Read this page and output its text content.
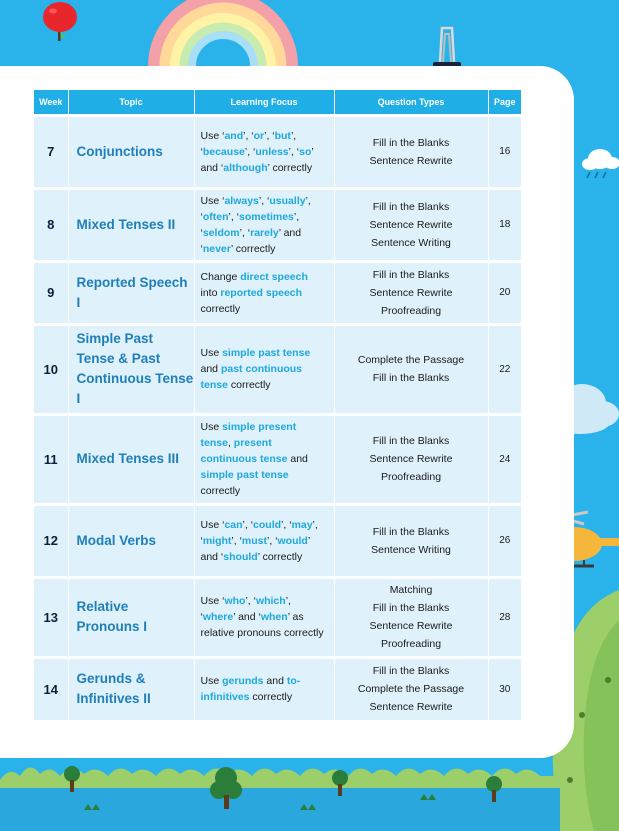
Week	Topic	Learning Focus	Question Types	Page
7	Conjunctions	Use ‘and’, ‘or’, ‘but’, ‘because’, ‘unless’, ‘so’ and ‘although’ correctly	Fill in the Blanks
Sentence Rewrite	16
8	Mixed Tenses II	Use ‘always’, ‘usually’, ‘often’, ‘sometimes’, ‘seldom’, ‘rarely’ and ‘never’ correctly	Fill in the Blanks
Sentence Rewrite
Sentence Writing	18
9	Reported Speech I	Change direct speech into reported speech correctly	Fill in the Blanks
Sentence Rewrite
Proofreading	20
10	Simple Past Tense & Past Continuous Tense I	Use simple past tense and past continuous tense correctly	Complete the Passage
Fill in the Blanks	22
11	Mixed Tenses III	Use simple present tense, present continuous tense and simple past tense correctly	Fill in the Blanks
Sentence Rewrite
Proofreading	24
12	Modal Verbs	Use ‘can’, ‘could’, ‘may’, ‘might’, ‘must’, ‘would’ and ‘should’ correctly	Fill in the Blanks
Sentence Writing	26
13	Relative Pronouns I	Use ‘who’, ‘which’, ‘where’ and ‘when’ as relative pronouns correctly	Matching
Fill in the Blanks
Sentence Rewrite
Proofreading	28
14	Gerunds & Infinitives II	Use gerunds and to-infinitives correctly	Fill in the Blanks
Complete the Passage
Sentence Rewrite	30
